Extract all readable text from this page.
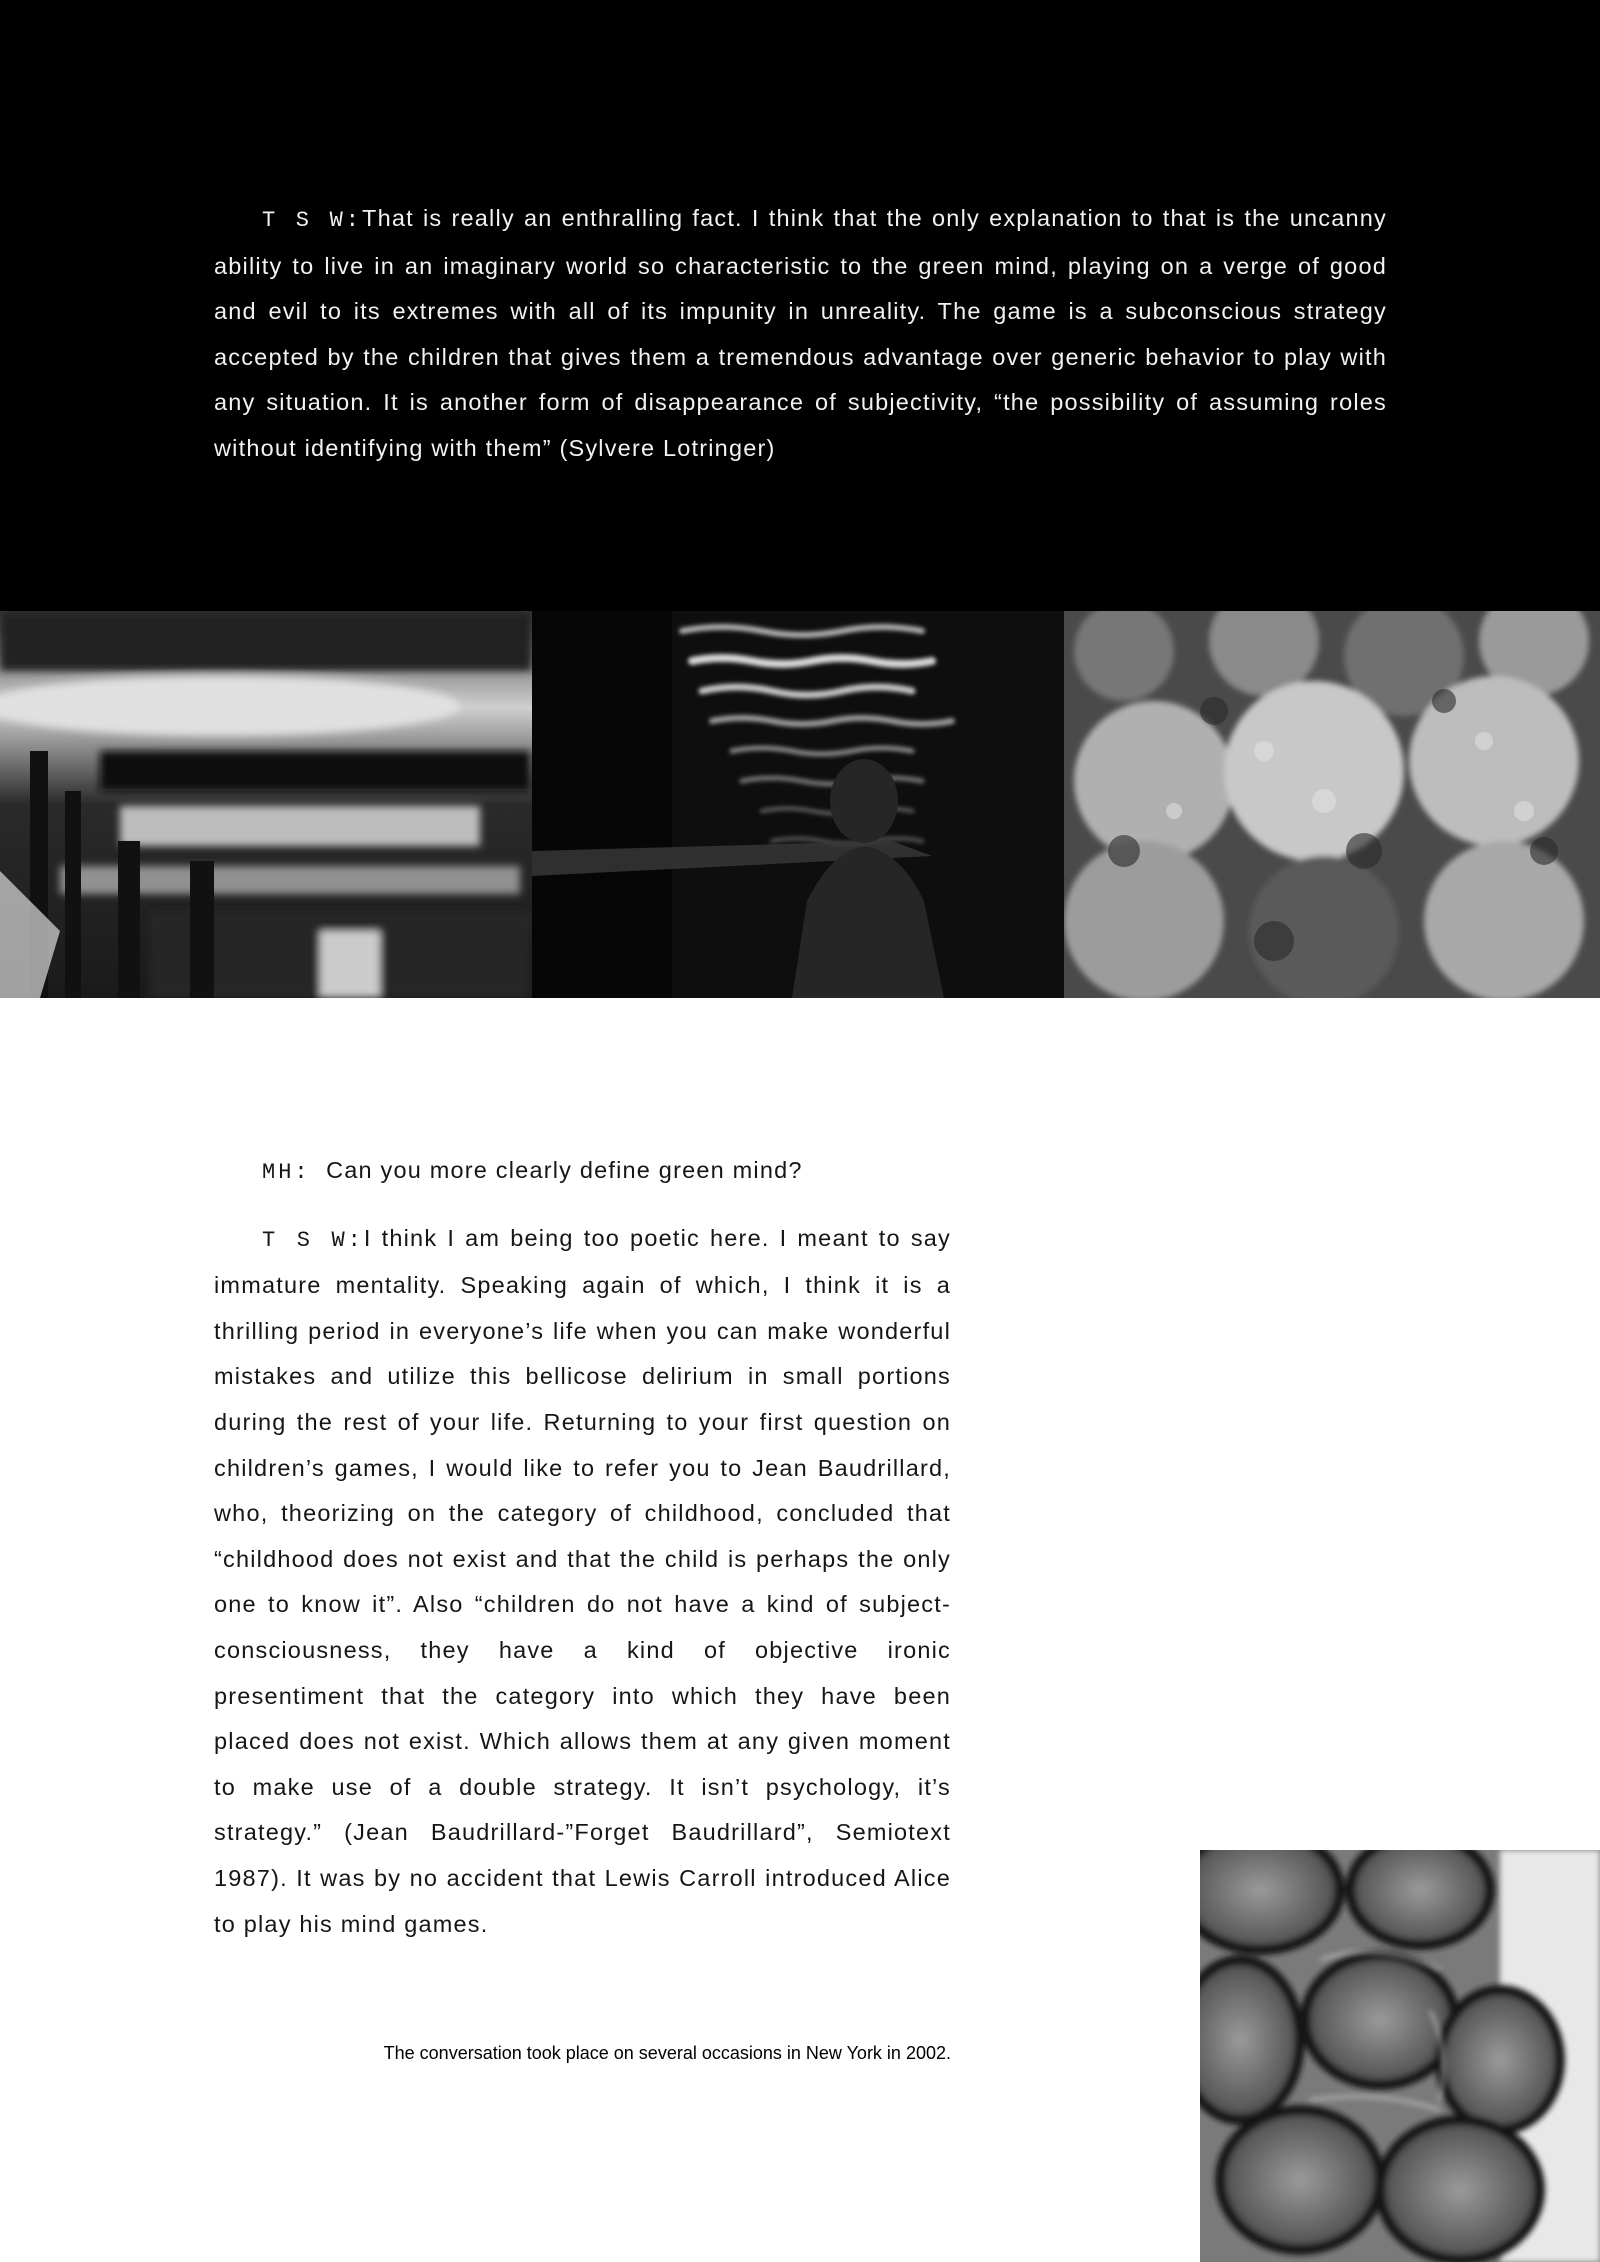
T S W:That is really an enthralling fact. I think that the only explanation to that is the uncanny ability to live in an imaginary world so characteristic to the green mind, playing on a verge of good and evil to its extremes with all of its impunity in unreality. The game is a subconscious strategy accepted by the children that gives them a tremendous advantage over generic behavior to play with any situation. It is another form of disappearance of subjectivity, “the possibility of assuming roles without identifying with them” (Sylvere Lotringer)

MH: Can you more clearly define green mind?

T S W:I think I am being too poetic here. I meant to say immature mentality. Speaking again of which, I think it is a thrilling period in everyone’s life when you can make wonderful mistakes and utilize this bellicose delirium in small portions during the rest of your life. Returning to your first question on children’s games, I would like to refer you to Jean Baudrillard, who, theorizing on the category of childhood, concluded that “childhood does not exist and that the child is perhaps the only one to know it”. Also “children do not have a kind of subject-consciousness, they have a kind of objective ironic presentiment that the category into which they have been placed does not exist. Which allows them at any given moment to make use of a double strategy. It isn’t psychology, it’s strategy.” (Jean Baudrillard-”Forget Baudrillard”, Semiotext 1987). It was by no accident that Lewis Carroll introduced Alice to play his mind games.

The conversation took place on several occasions in New York in 2002.
